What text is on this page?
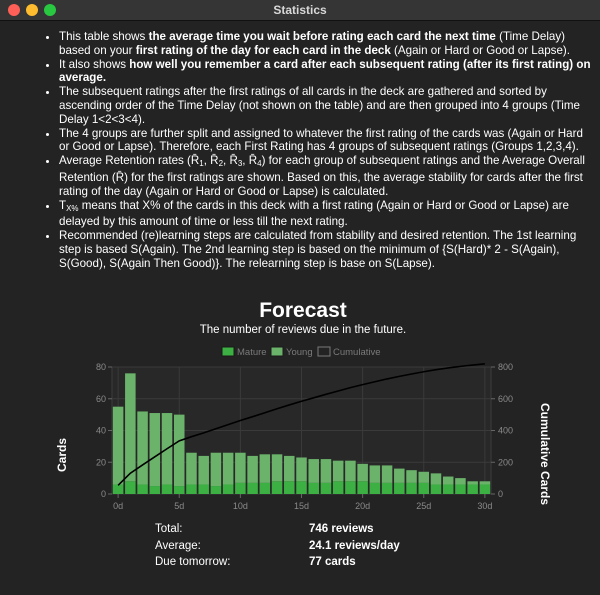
Statistics
• This table shows the average time you wait before rating each card the next time (Time Delay) based on your first rating of the day for each card in the deck (Again or Hard or Good or Lapse).
• It also shows how well you remember a card after each subsequent rating (after its first rating) on average.
• The subsequent ratings after the first ratings of all cards in the deck are gathered and sorted by ascending order of the Time Delay (not shown on the table) and are then grouped into 4 groups (Time Delay 1<2<3<4).
• The 4 groups are further split and assigned to whatever the first rating of the cards was (Again or Hard or Good or Lapse). Therefore, each First Rating has 4 groups of subsequent ratings (Groups 1,2,3,4).
• Average Retention rates ($R̄_1$, $R̄_2$, $R̄_3$, $R̄_4$) for each group of subsequent ratings and the Average Overall Retention (R̄) for the first ratings are shown. Based on this, the average stability for cards after the first rating of the day (Again or Hard or Good or Lapse) is calculated.
• $T_{X\%}$ means that X% of the cards in this deck with a first rating (Again or Hard or Good or Lapse) are delayed by this amount of time or less till the next rating.
• Recommended (re)learning steps are calculated from stability and desired retention. The 1st learning step is based S(Again). The 2nd learning step is based on the minimum of {S(Hard)* 2 - S(Again), S(Good), S(Again Then Good)}. The relearning step is base on S(Lapse).
Forecast
The number of reviews due in the future.
Cards	Cumulative Cards
Total:	746 reviews
Average:	24.1 reviews/day
Due tomorrow:	77 cards
0
20
40
60
80
0
200
400
600
800
0d	5d	10d	15d	20d	25d	30d
Mature Young Cumulative
